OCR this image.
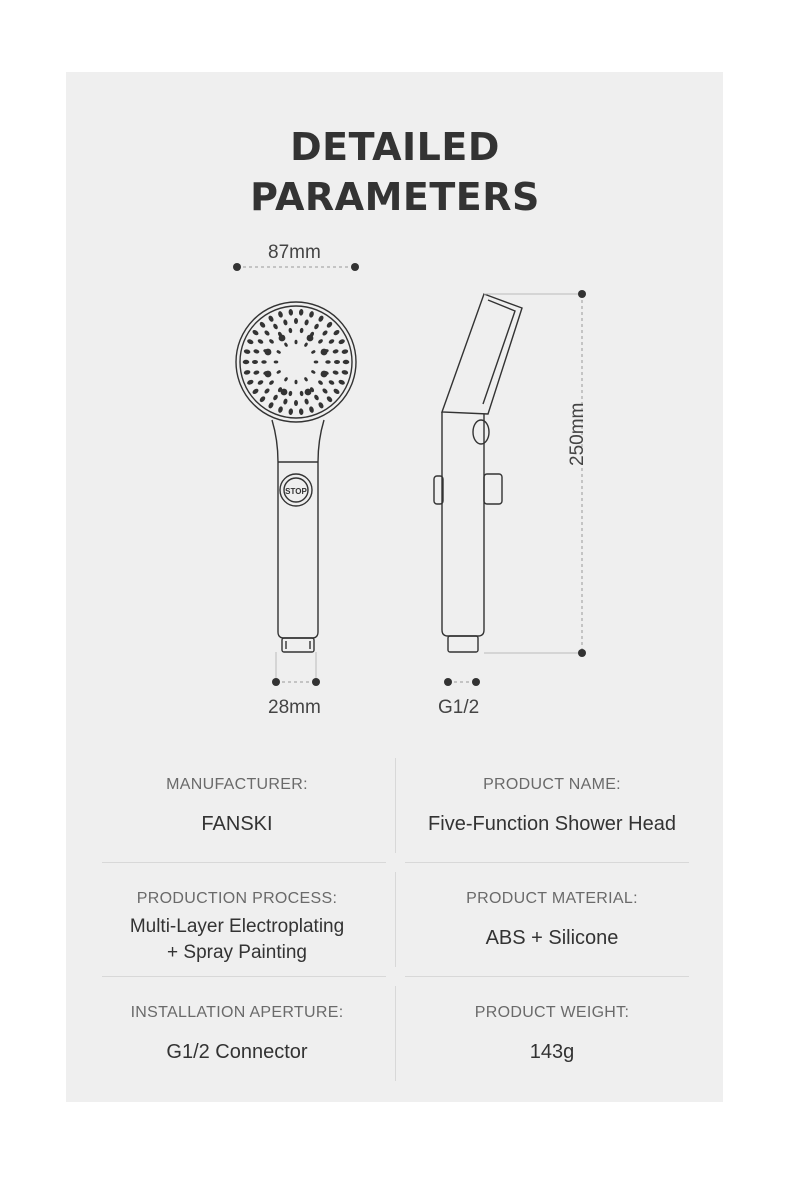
DETAILED
PARAMETERS
STOP
87mm
28mm	G1/2
250mm
MANUFACTURER:
FANSKI
PRODUCT NAME:
Five-Function Shower Head
PRODUCTION PROCESS:
Multi-Layer Electroplating
+ Spray Painting
PRODUCT MATERIAL:
ABS + Silicone
INSTALLATION APERTURE:
G1/2 Connector
PRODUCT WEIGHT:
143g
